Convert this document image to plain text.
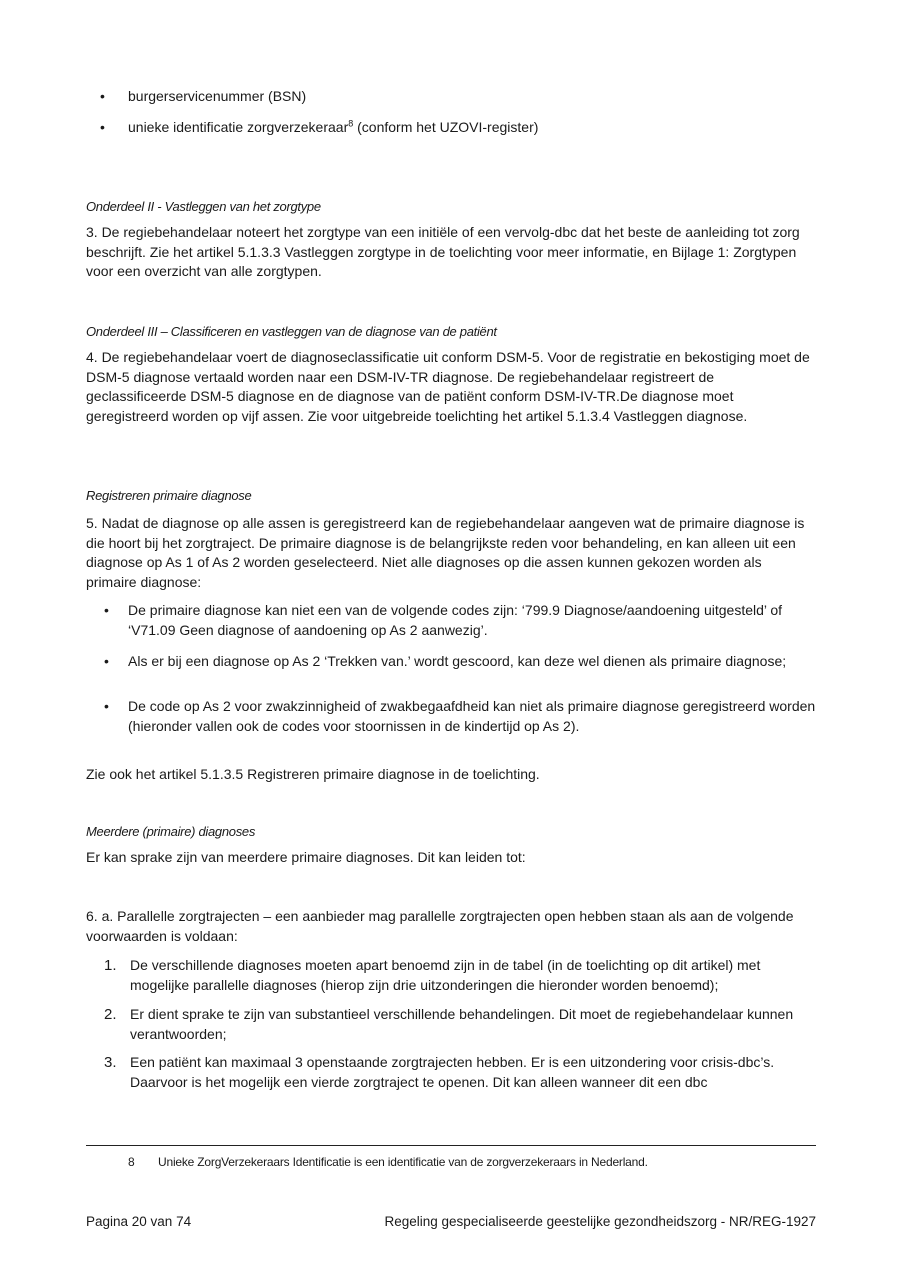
•	burgerservicenummer (BSN)
•	unieke identificatie zorgverzekeraar$^8$ (conform het UZOVI-register)
Onderdeel II - Vastleggen van het zorgtype
3. De regiebehandelaar noteert het zorgtype van een initiële of een vervolg-dbc dat het beste de aanleiding tot zorg beschrijft. Zie het artikel 5.1.3.3 Vastleggen zorgtype in de toelichting voor meer informatie, en Bijlage 1: Zorgtypen voor een overzicht van alle zorgtypen.
Onderdeel III – Classificeren en vastleggen van de diagnose van de patiënt
4. De regiebehandelaar voert de diagnoseclassificatie uit conform DSM-5. Voor de registratie en bekostiging moet de DSM-5 diagnose vertaald worden naar een DSM-IV-TR diagnose. De regiebehandelaar registreert de geclassificeerde DSM-5 diagnose en de diagnose van de patiënt conform DSM-IV-TR.De diagnose moet geregistreerd worden op vijf assen. Zie voor uitgebreide toelichting het artikel 5.1.3.4 Vastleggen diagnose.
Registreren primaire diagnose
5. Nadat de diagnose op alle assen is geregistreerd kan de regiebehandelaar aangeven wat de primaire diagnose is die hoort bij het zorgtraject. De primaire diagnose is de belangrijkste reden voor behandeling, en kan alleen uit een diagnose op As 1 of As 2 worden geselecteerd. Niet alle diagnoses op die assen kunnen gekozen worden als primaire diagnose:
• De primaire diagnose kan niet een van de volgende codes zijn: ‘799.9 Diagnose/aandoening uitgesteld’ of ‘V71.09 Geen diagnose of aandoening op As 2 aanwezig’.
• Als er bij een diagnose op As 2 ‘Trekken van.’ wordt gescoord, kan deze wel dienen als primaire diagnose;
• De code op As 2 voor zwakzinnigheid of zwakbegaafdheid kan niet als primaire diagnose geregistreerd worden (hieronder vallen ook de codes voor stoornissen in de kindertijd op As 2).
Zie ook het artikel 5.1.3.5 Registreren primaire diagnose in de toelichting.
Meerdere (primaire) diagnoses
Er kan sprake zijn van meerdere primaire diagnoses. Dit kan leiden tot:
6. a. Parallelle zorgtrajecten – een aanbieder mag parallelle zorgtrajecten open hebben staan als aan de volgende voorwaarden is voldaan:
1. De verschillende diagnoses moeten apart benoemd zijn in de tabel (in de toelichting op dit artikel) met mogelijke parallelle diagnoses (hierop zijn drie uitzonderingen die hieronder worden benoemd);
2. Er dient sprake te zijn van substantieel verschillende behandelingen. Dit moet de regiebehandelaar kunnen verantwoorden;
3. Een patiënt kan maximaal 3 openstaande zorgtrajecten hebben. Er is een uitzondering voor crisis-dbc’s. Daarvoor is het mogelijk een vierde zorgtraject te openen. Dit kan alleen wanneer dit een dbc
8 Unieke ZorgVerzekeraars Identificatie is een identificatie van de zorgverzekeraars in Nederland.
Pagina 20 van 74	Regeling gespecialiseerde geestelijke gezondheidszorg - NR/REG-1927
